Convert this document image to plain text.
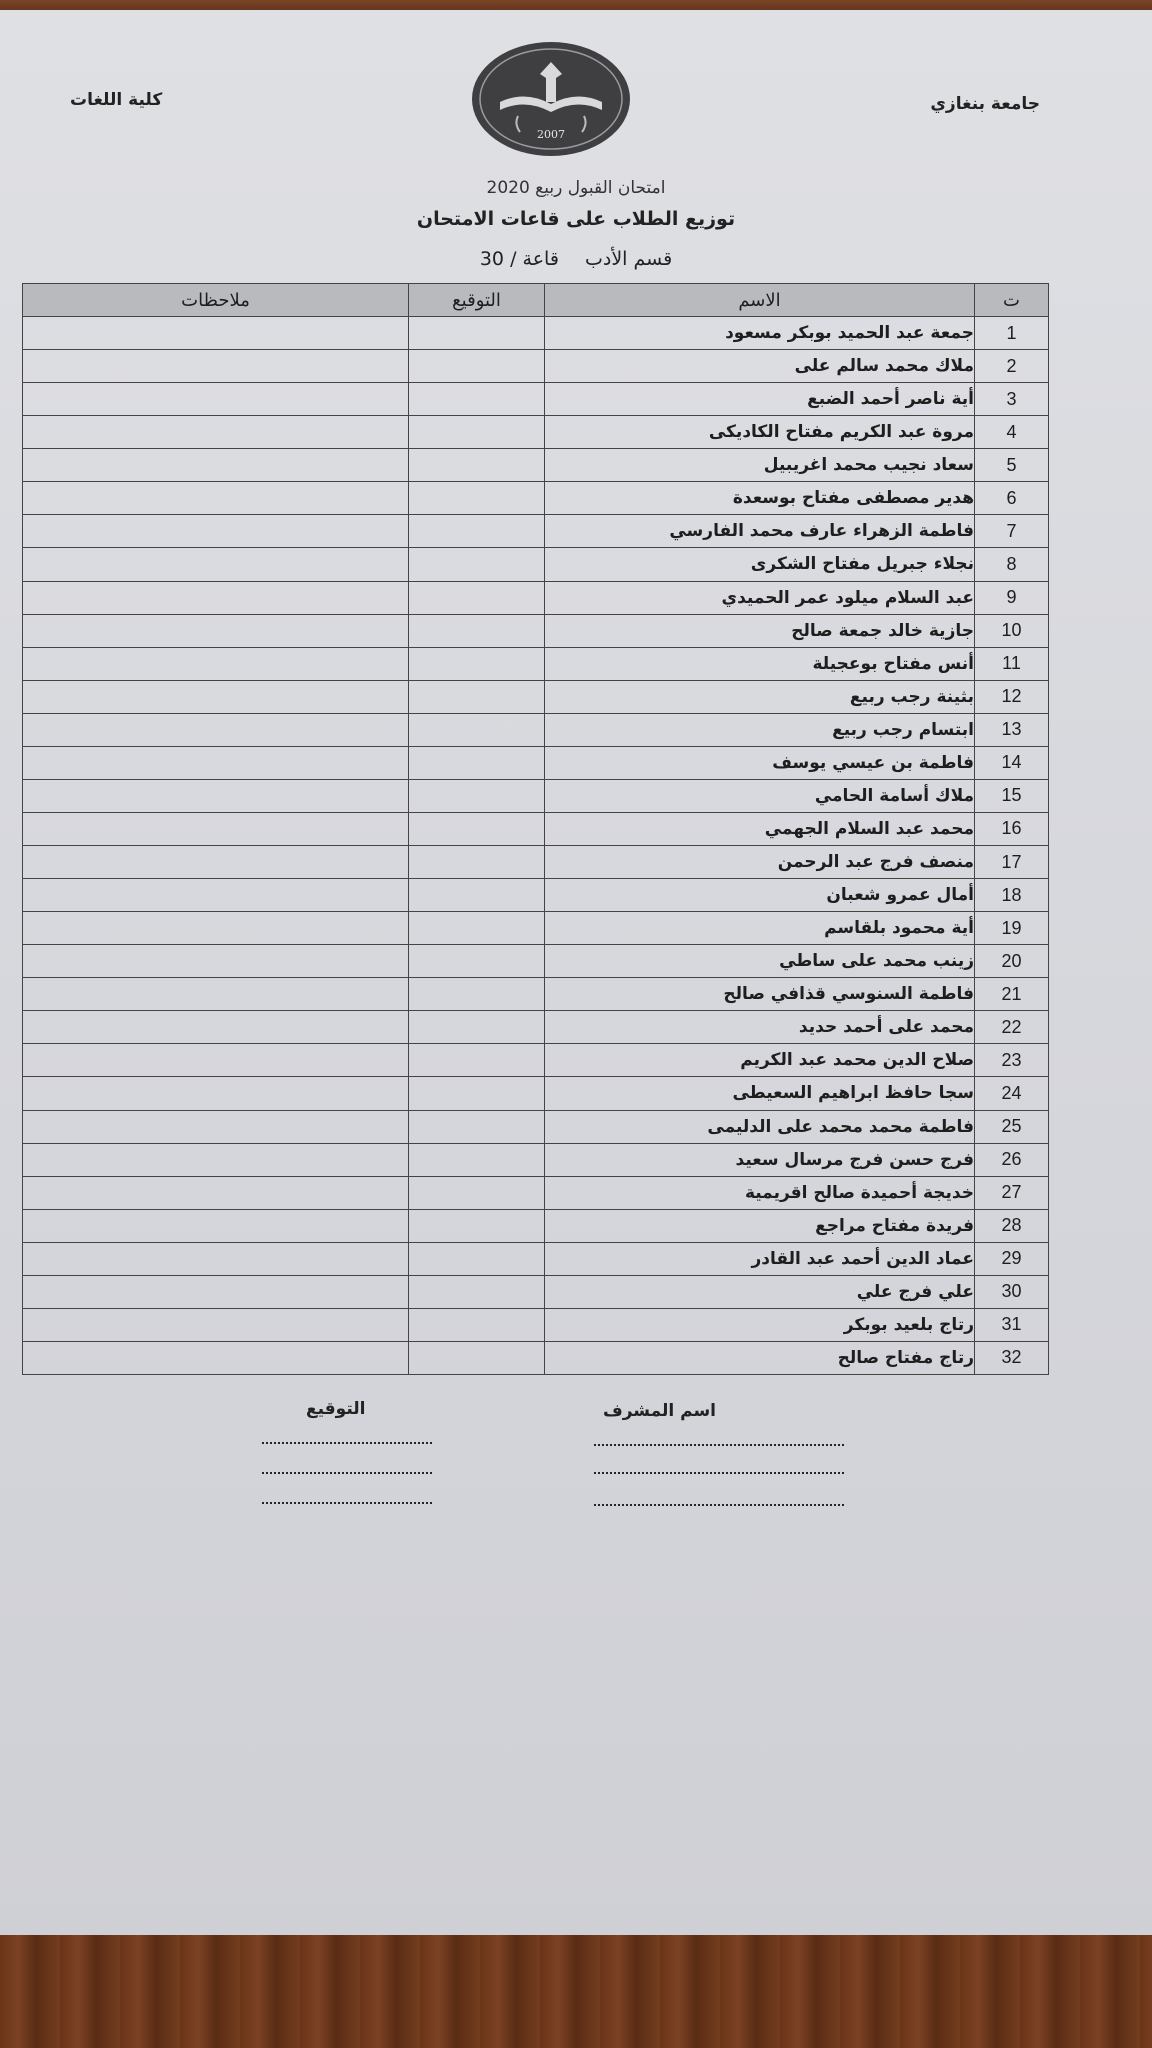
جامعة بنغازي
كلية اللغات
2007
امتحان القبول ربيع 2020
توزيع الطلاب على قاعات الامتحان
قسم الأدب قاعة / 30
ت	الاسم	التوقيع	ملاحظات
1	جمعة عبد الحميد بوبكر مسعود		
2	ملاك محمد سالم على		
3	أية ناصر أحمد الضبع		
4	مروة عبد الكريم مفتاح الكاديكى		
5	سعاد نجيب محمد اغريبيل		
6	هدير مصطفى مفتاح بوسعدة		
7	فاطمة الزهراء عارف محمد الفارسي		
8	نجلاء جبريل مفتاح الشكرى		
9	عبد السلام ميلود عمر الحميدي		
10	جازية خالد جمعة صالح		
11	أنس مفتاح بوعجيلة		
12	بثينة رجب ربيع		
13	ابتسام رجب ربيع		
14	فاطمة بن عيسي يوسف		
15	ملاك أسامة الحامي		
16	محمد عبد السلام الجهمي		
17	منصف فرج عبد الرحمن		
18	أمال عمرو شعبان		
19	أية محمود بلقاسم		
20	زينب محمد على ساطي		
21	فاطمة السنوسي قذافي صالح		
22	محمد على أحمد حديد		
23	صلاح الدين محمد عبد الكريم		
24	سجا حافظ ابراهيم السعيطى		
25	فاطمة محمد محمد على الدليمى		
26	فرج حسن فرج مرسال سعيد		
27	خديجة أحميدة صالح اقريمية		
28	فريدة مفتاح مراجع		
29	عماد الدين أحمد عبد القادر		
30	علي فرج علي		
31	رتاج بلعيد بوبكر		
32	رتاج مفتاح صالح		
اسم المشرف
التوقيع
